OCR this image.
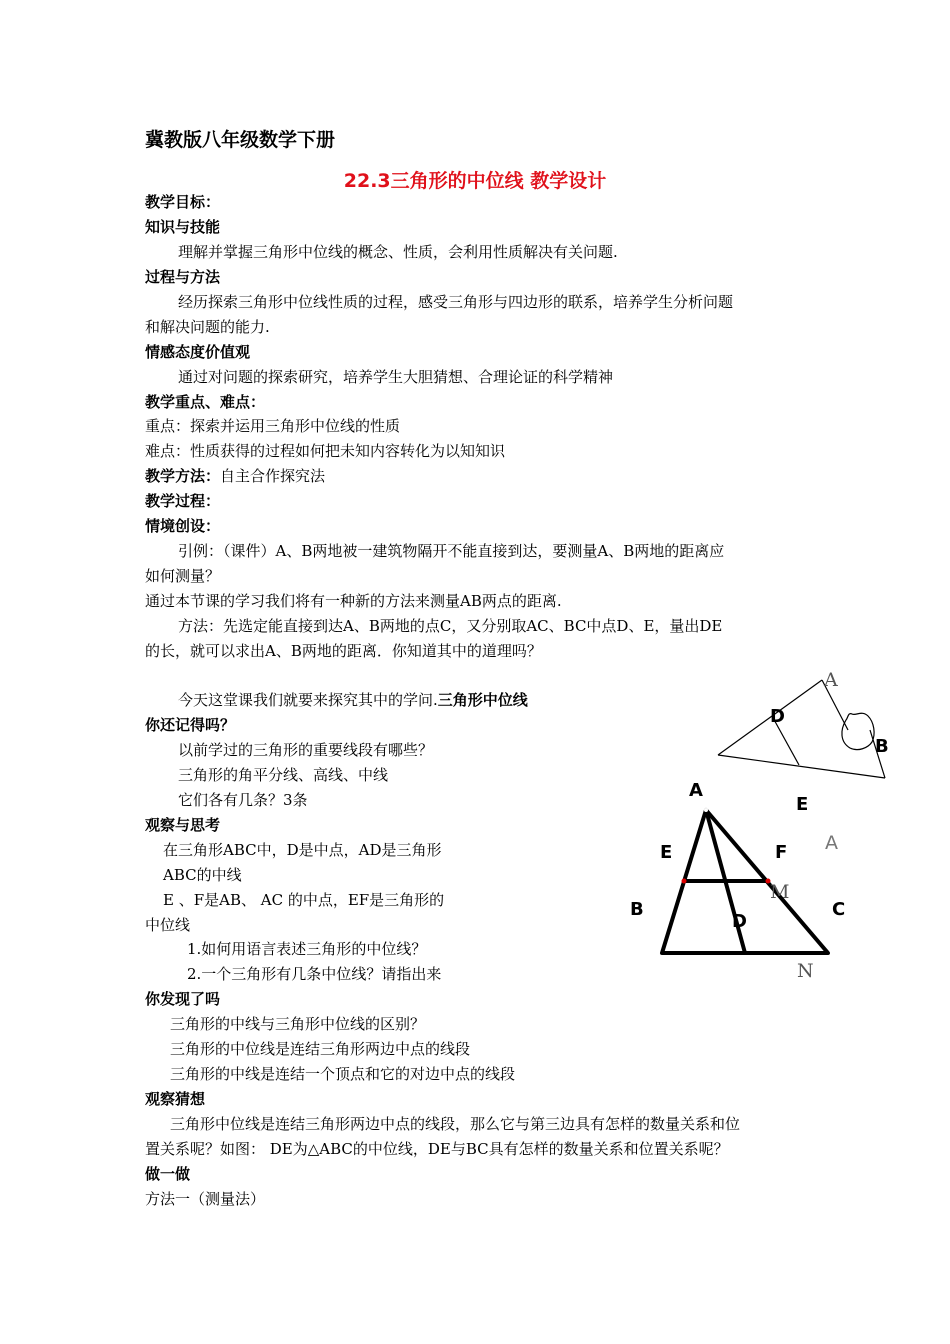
冀教版八年级数学下册
22.3三角形的中位线 教学设计
教学目标：
知识与技能
理解并掌握三角形中位线的概念、性质，会利用性质解决有关问题.
过程与方法
经历探索三角形中位线性质的过程，感受三角形与四边形的联系，培养学生分析问题
和解决问题的能力.
情感态度价值观
通过对问题的探索研究，培养学生大胆猜想、合理论证的科学精神
教学重点、难点：
重点：探索并运用三角形中位线的性质
难点：性质获得的过程如何把未知内容转化为以知知识
教学方法：自主合作探究法
教学过程：
情境创设：
引例：（课件）A、B两地被一建筑物隔开不能直接到达，要测量A、B两地的距离应
如何测量？
通过本节课的学习我们将有一种新的方法来测量AB两点的距离.
方法：先选定能直接到达A、B两地的点C，又分别取AC、BC中点D、E，量出DE
的长，就可以求出A、B两地的距离．你知道其中的道理吗？
今天这堂课我们就要来探究其中的学问.三角形中位线
你还记得吗？
以前学过的三角形的重要线段有哪些？
三角形的角平分线、高线、中线
它们各有几条？3条
观察与思考
在三角形ABC中，D是中点，AD是三角形
ABC的中线
E 、F是AB、 AC 的中点，EF是三角形的
中位线
1.如何用语言表述三角形的中位线？
2.一个三角形有几条中位线？请指出来
你发现了吗
三角形的中线与三角形中位线的区别？
三角形的中位线是连结三角形两边中点的线段
三角形的中线是连结一个顶点和它的对边中点的线段
观察猜想
三角形中位线是连结三角形两边中点的线段，那么它与第三边具有怎样的数量关系和位
置关系呢？如图： DE为△ABC的中位线，DE与BC具有怎样的数量关系和位置关系呢？
做一做
方法一（测量法）
A
D
B
A
E	F
B	C
D
E
A
M
N
